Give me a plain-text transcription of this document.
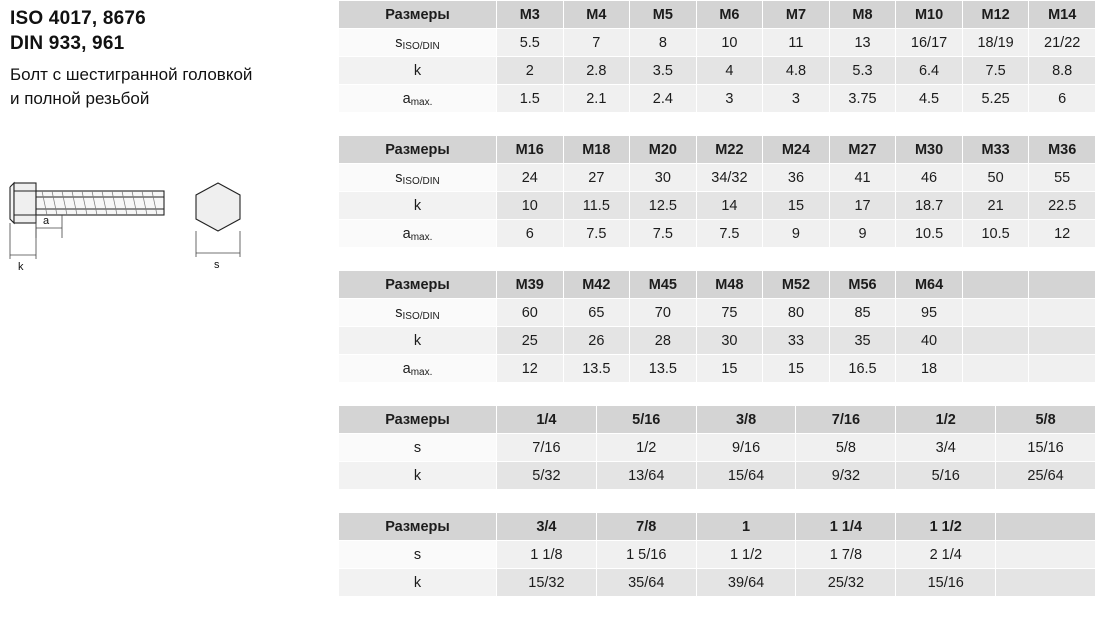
ISO 4017, 8676
DIN 933, 961
Болт с шестигранной головкой
и полной резьбой
a
k	s
Размеры	M3	M4	M5	M6	M7	M8	M10	M12	M14
sISO/DIN	5.5	7	8	10	11	13	16/17	18/19	21/22
k	2	2.8	3.5	4	4.8	5.3	6.4	7.5	8.8
amax.	1.5	2.1	2.4	3	3	3.75	4.5	5.25	6
Размеры	M16	M18	M20	M22	M24	M27	M30	M33	M36
sISO/DIN	24	27	30	34/32	36	41	46	50	55
k	10	11.5	12.5	14	15	17	18.7	21	22.5
amax.	6	7.5	7.5	7.5	9	9	10.5	10.5	12
Размеры	M39	M42	M45	M48	M52	M56	M64		
sISO/DIN	60	65	70	75	80	85	95		
k	25	26	28	30	33	35	40		
amax.	12	13.5	13.5	15	15	16.5	18		
Размеры	1/4	5/16	3/8	7/16	1/2	5/8
s	7/16	1/2	9/16	5/8	3/4	15/16
k	5/32	13/64	15/64	9/32	5/16	25/64
Размеры	3/4	7/8	1	1 1/4	1 1/2	
s	1 1/8	1 5/16	1 1/2	1 7/8	2 1/4	
k	15/32	35/64	39/64	25/32	15/16	
